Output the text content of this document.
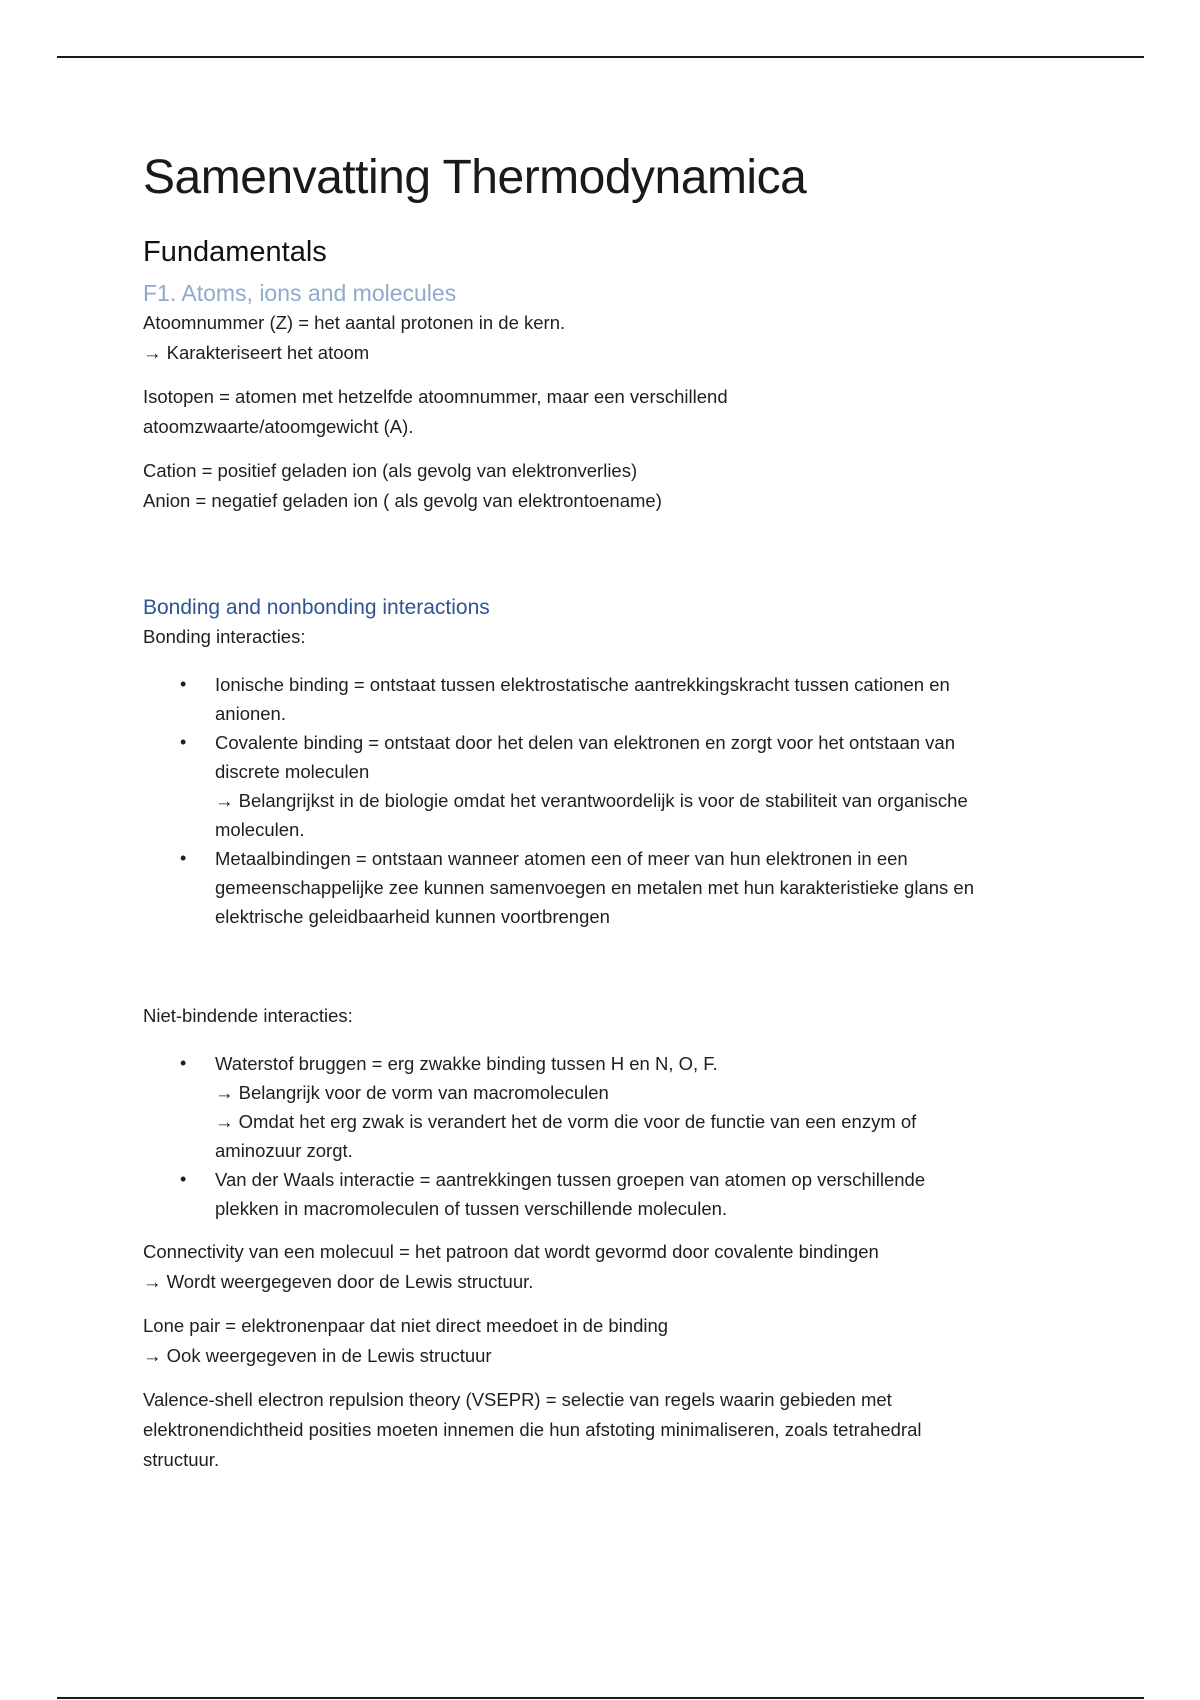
Samenvatting Thermodynamica
Fundamentals
F1. Atoms, ions and molecules

Atoomnummer (Z) = het aantal protonen in de kern.
→ Karakteriseert het atoom

Isotopen = atomen met hetzelfde atoomnummer, maar een verschillend
atoomzwaarte/atoomgewicht (A).

Cation = positief geladen ion (als gevolg van elektronverlies)
Anion = negatief geladen ion ( als gevolg van elektrontoename)

Bonding and nonbonding interactions

Bonding interacties:

• Ionische binding = ontstaat tussen elektrostatische aantrekkingskracht tussen cationen en
anionen.
• Covalente binding = ontstaat door het delen van elektronen en zorgt voor het ontstaan van
discrete moleculen
→ Belangrijkst in de biologie omdat het verantwoordelijk is voor de stabiliteit van organische
moleculen.
• Metaalbindingen = ontstaan wanneer atomen een of meer van hun elektronen in een
gemeenschappelijke zee kunnen samenvoegen en metalen met hun karakteristieke glans en
elektrische geleidbaarheid kunnen voortbrengen

Niet-bindende interacties:

• Waterstof bruggen = erg zwakke binding tussen H en N, O, F.
→ Belangrijk voor de vorm van macromoleculen
→ Omdat het erg zwak is verandert het de vorm die voor de functie van een enzym of
aminozuur zorgt.
• Van der Waals interactie = aantrekkingen tussen groepen van atomen op verschillende
plekken in macromoleculen of tussen verschillende moleculen.

Connectivity van een molecuul = het patroon dat wordt gevormd door covalente bindingen
→ Wordt weergegeven door de Lewis structuur.

Lone pair = elektronenpaar dat niet direct meedoet in de binding
→ Ook weergegeven in de Lewis structuur

Valence-shell electron repulsion theory (VSEPR) = selectie van regels waarin gebieden met
elektronendichtheid posities moeten innemen die hun afstoting minimaliseren, zoals tetrahedral
structuur.
